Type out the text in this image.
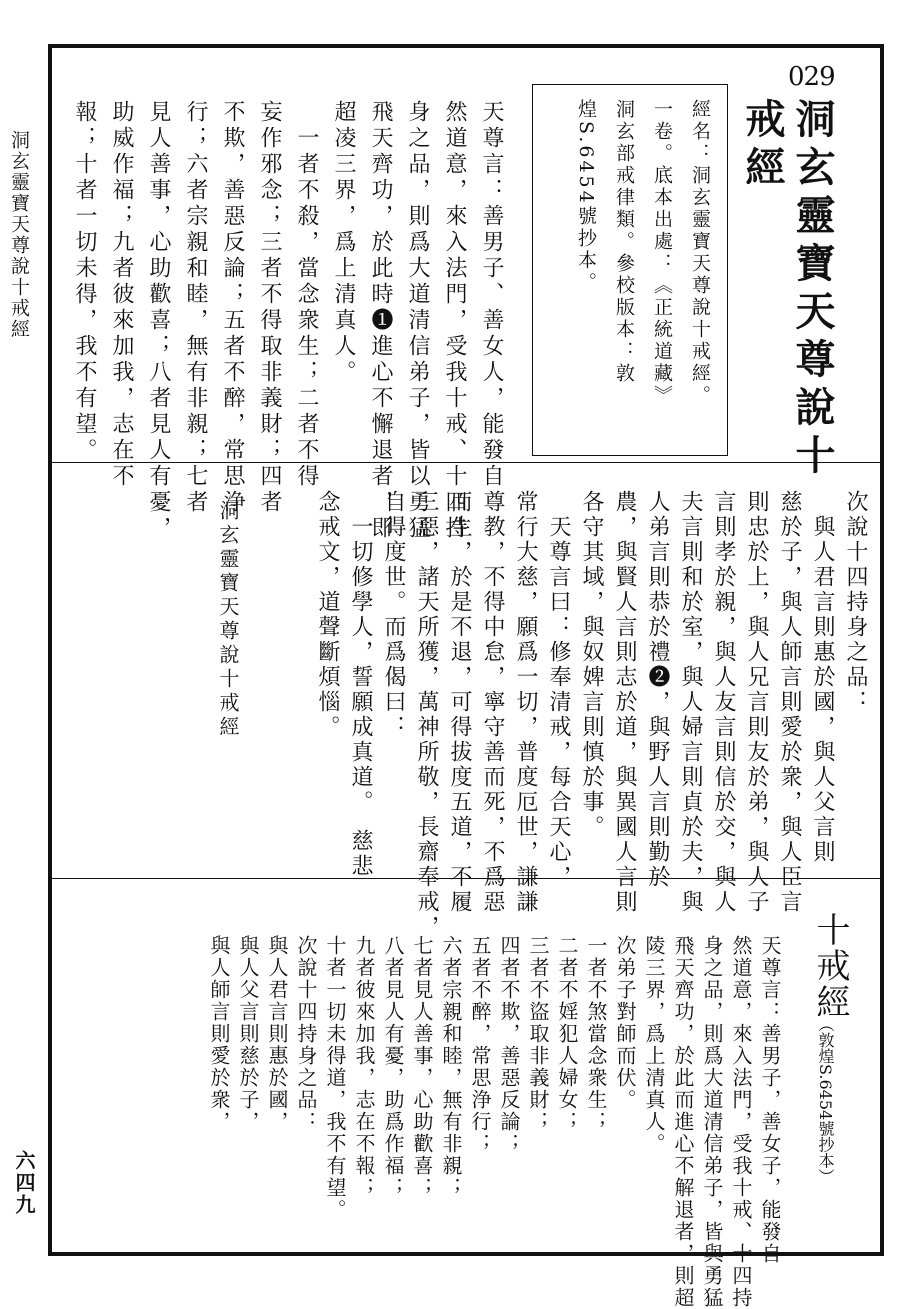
洞玄靈寶天尊說十戒經
六四九
029
洞玄靈寶天尊說十
戒經
經名：洞玄靈寶天尊說十戒經。
一卷。底本出處：《正統道藏》
洞玄部戒律類。參校版本：敦
煌S.6454號抄本。
天尊言：善男子、善女人，能發自
然道意，來入法門，受我十戒、十四持
身之品，則爲大道清信弟子，皆以勇猛
飛天齊功，於此時❶進心不懈退者，即
超凌三界，爲上清真人。
　一者不殺，當念衆生；二者不得
妄作邪念；三者不得取非義財；四者
不欺，善惡反論；五者不醉，常思浄
行；六者宗親和睦，無有非親；七者
見人善事，心助歡喜；八者見人有憂，
助威作福；九者彼來加我，志在不
報；十者一切未得，我不有望。
次說十四持身之品：
　與人君言則惠於國，與人父言則
慈於子，與人師言則愛於衆，與人臣言
則忠於上，與人兄言則友於弟，與人子
言則孝於親，與人友言則信於交，與人
夫言則和於室，與人婦言則貞於夫，與
人弟言則恭於禮❷，與野人言則勤於
農，與賢人言則志於道，與異國人言則
各守其域，與奴婢言則慎於事。
　天尊言曰：修奉清戒，每合天心，
常行大慈，願爲一切，普度厄世，謙謙
尊教，不得中怠，寧守善而死，不爲惡
而生，於是不退，可得拔度五道，不履
三惡，諸天所獲，萬神所敬，長齋奉戒，
自得度世。而爲偈曰：
　一切修學人，誓願成真道。　慈悲
念戒文，道聲斷煩惱。
洞玄靈寶天尊說十戒經
十戒經
（敦煌S.6454號抄本）
天尊言：善男子，善女子，能發自
然道意，來入法門，受我十戒、十四持
身之品，則爲大道清信弟子，皆與勇猛
飛天齊功，於此而進心不解退者，則超
陵三界，爲上清真人。
次弟子對師而伏。
一者不煞當念衆生；
二者不婬犯人婦女；
三者不盜取非義財；
四者不欺，善惡反論；
五者不醉，常思浄行；
六者宗親和睦，無有非親；
七者見人善事，心助歡喜；
八者見人有憂，助爲作福；
九者彼來加我，志在不報；
十者一切未得道，我不有望。
次說十四持身之品：
與人君言則惠於國，
與人父言則慈於子，
與人師言則愛於衆，
